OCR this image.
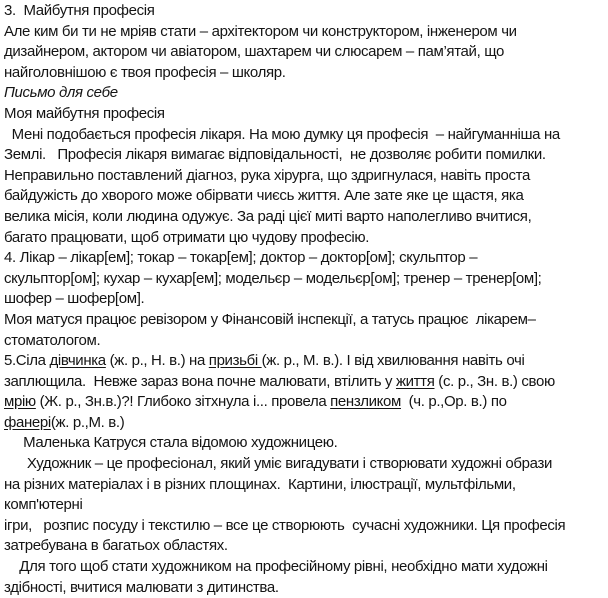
3.  Майбутня професія
Але ким би ти не мріяв стати – архітектором чи конструктором, інженером чи
дизайнером, актором чи авіатором, шахтарем чи слюсарем – пам’ятай, що
найголовнішою є твоя професія – школяр.
Письмо для себе
Моя майбутня професія
Мені подобається професія лікаря. На мою думку ця професія  – найгуманніша на
Землі.   Професія лікаря вимагає відповідальності,  не дозволяє робити помилки.
Неправильно поставлений діагноз, рука хірурга, що здригнулася, навіть проста
байдужість до хворого може обірвати чиєсь життя. Але зате яке це щастя, яка
велика місія, коли людина одужує. За раді цієї миті варто наполегливо вчитися,
багато працювати, щоб отримати цю чудову професію.
4. Лікар – лікар[ем]; токар – токар[ем]; доктор – доктор[ом]; скульптор –
скульптор[ом]; кухар – кухар[ем]; модельєр – модельєр[ом]; тренер – тренер[ом];
шофер – шофер[ом].
Моя матуся працює ревізором у Фінансовій інспекції, а татусь працює  лікарем–
стоматологом.
5.Сіла дівчинка (ж. р., Н. в.) на призьбі (ж. р., М. в.). І від хвилювання навіть очі
заплющила.  Невже зараз вона почне малювати, втілить у життя (с. р., Зн. в.) свою
мрію (Ж. р., Зн.в.)?! Глибоко зітхнула і... провела пензликом  (ч. р.,Ор. в.) по
фанері(ж. р.,М. в.)
Маленька Катруся стала відомою художницею.
Художник – це професіонал, який уміє вигадувати і створювати художні образи
на різних матеріалах і в різних площинах.  Картини, ілюстрації, мультфільми,
комп'ютерні
ігри,   розпис посуду і текстилю – все це створюють  сучасні художники. Ця професія
затребувана в багатьох областях.
Для того щоб стати художником на професійному рівні, необхідно мати художні
здібності, вчитися малювати з дитинства.
